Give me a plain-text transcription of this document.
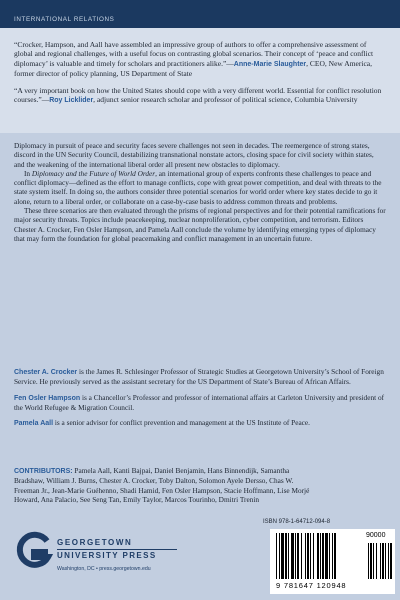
INTERNATIONAL RELATIONS

“Crocker, Hampson, and Aall have assembled an impressive group of authors to offer a comprehensive assessment of global and regional challenges, with a useful focus on contrasting global scenarios. Their concept of ‘peace and conflict diplomacy’ is valuable and timely for scholars and practitioners alike.”—Anne-Marie Slaughter, CEO, New America, former director of policy planning, US Department of State

“A very important book on how the United States should cope with a very different world. Essential for conflict resolution courses.”—Roy Licklider, adjunct senior research scholar and professor of political science, Columbia University

Diplomacy in pursuit of peace and security faces severe challenges not seen in decades. The reemergence of strong states, discord in the UN Security Council, destabilizing transnational nonstate actors, closing space for civil society within states, and the weakening of the international liberal order all present new obstacles to diplomacy.

In Diplomacy and the Future of World Order, an international group of experts confronts these challenges to peace and conflict diplomacy—defined as the effort to manage conflicts, cope with great power competition, and deal with threats to the state system itself. In doing so, the authors consider three potential scenarios for world order where key states decide to go it alone, return to a liberal order, or collaborate on a case-by-case basis to address common threats and problems.

These three scenarios are then evaluated through the prisms of regional perspectives and for their potential ramifications for major security threats. Topics include peacekeeping, nuclear nonproliferation, cyber competition, and terrorism. Editors Chester A. Crocker, Fen Osler Hampson, and Pamela Aall conclude the volume by identifying emerging types of diplomacy that may form the foundation for global peacemaking and conflict management in an uncertain future.

Chester A. Crocker is the James R. Schlesinger Professor of Strategic Studies at Georgetown University’s School of Foreign Service. He previously served as the assistant secretary for the US Department of State’s Bureau of African Affairs.

Fen Osler Hampson is a Chancellor’s Professor and professor of international affairs at Carleton University and president of the World Refugee & Migration Council.

Pamela Aall is a senior advisor for conflict prevention and management at the US Institute of Peace.

CONTRIBUTORS: Pamela Aall, Kanti Bajpai, Daniel Benjamin, Hans Binnendijk, Samantha Bradshaw, William J. Burns, Chester A. Crocker, Toby Dalton, Solomon Ayele Dersso, Chas W. Freeman Jr., Jean-Marie Guéhenno, Shadi Hamid, Fen Osler Hampson, Stacie Hoffmann, Lise Morjé Howard, Ana Palacio, See Seng Tan, Emily Taylor, Marcos Tourinho, Dmitri Trenin
GEORGETOWN
UNIVERSITY PRESS
Washington, DC • press.georgetown.edu
ISBN 978-1-64712-094-8
90000
9 781647 120948
